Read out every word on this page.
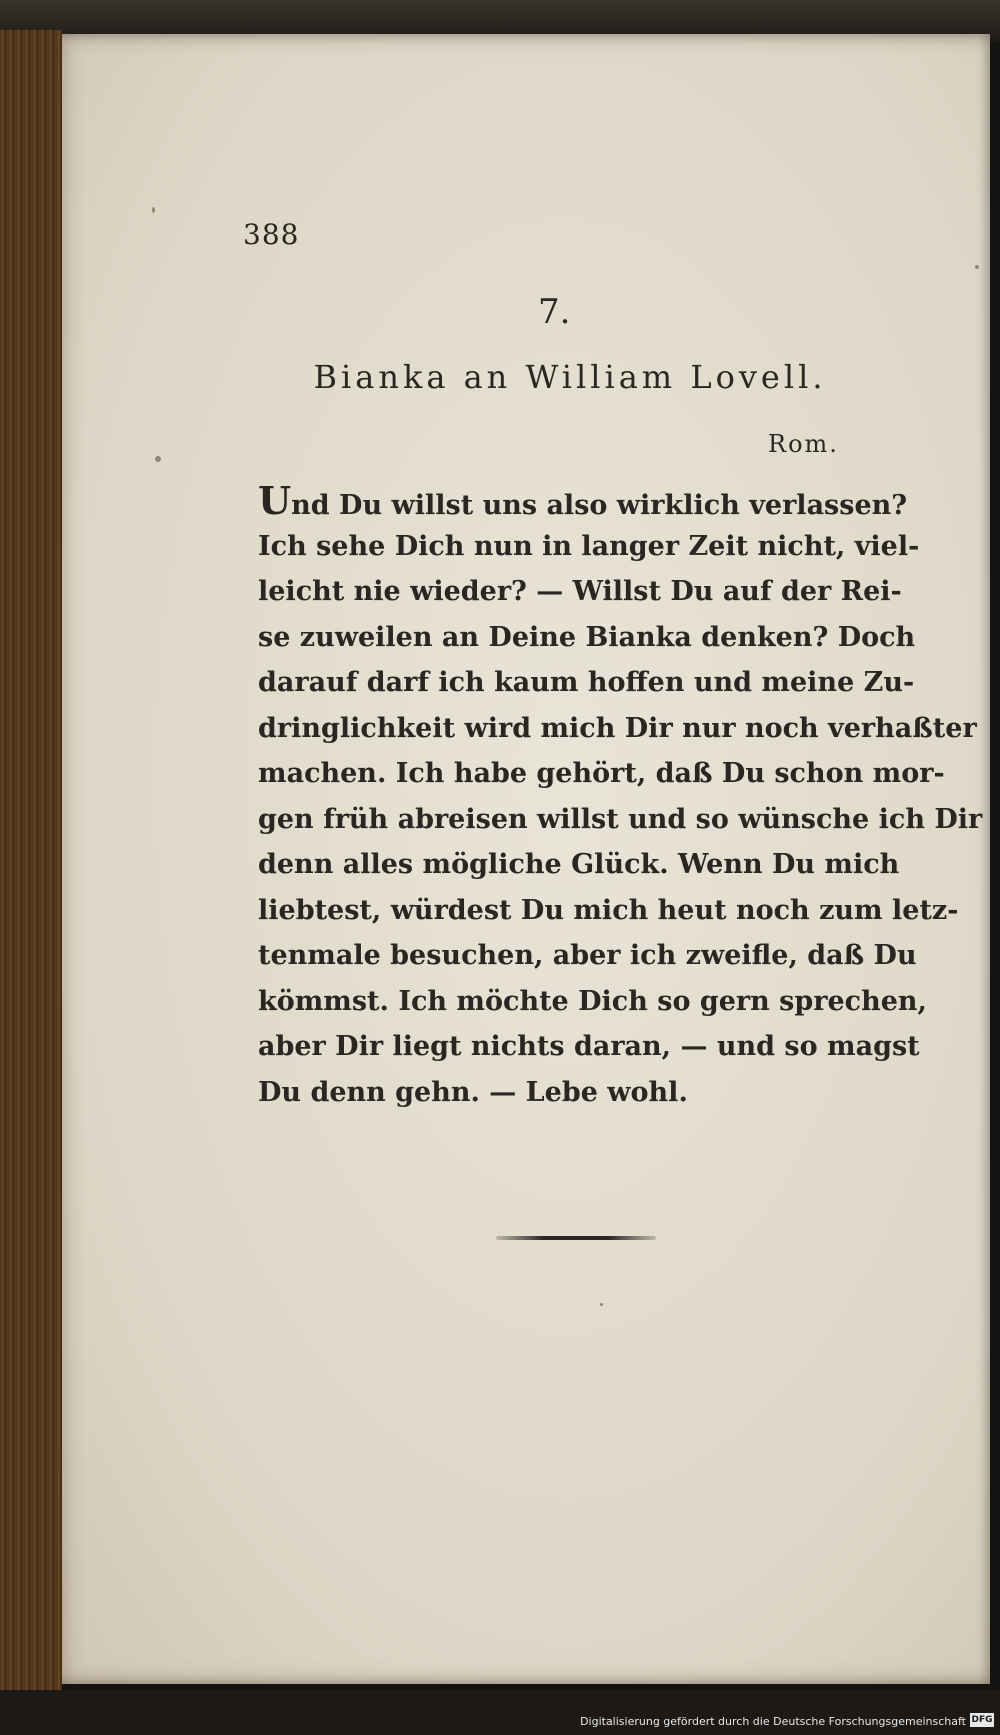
388
7.
Bianka an William Lovell.
Rom.
Und Du willst uns also wirklich verlassen?
Ich sehe Dich nun in langer Zeit nicht, viel-
leicht nie wieder? — Willst Du auf der Rei-
se zuweilen an Deine Bianka denken? Doch
darauf darf ich kaum hoffen und meine Zu-
dringlichkeit wird mich Dir nur noch verhaßter
machen. Ich habe gehört, daß Du schon mor-
gen früh abreisen willst und so wünsche ich Dir
denn alles mögliche Glück. Wenn Du mich
liebtest, würdest Du mich heut noch zum letz-
tenmale besuchen, aber ich zweifle, daß Du
kömmst. Ich möchte Dich so gern sprechen,
aber Dir liegt nichts daran, — und so magst
Du denn gehn. — Lebe wohl.
Digitalisierung gefördert durch die Deutsche Forschungsgemeinschaft DFG
